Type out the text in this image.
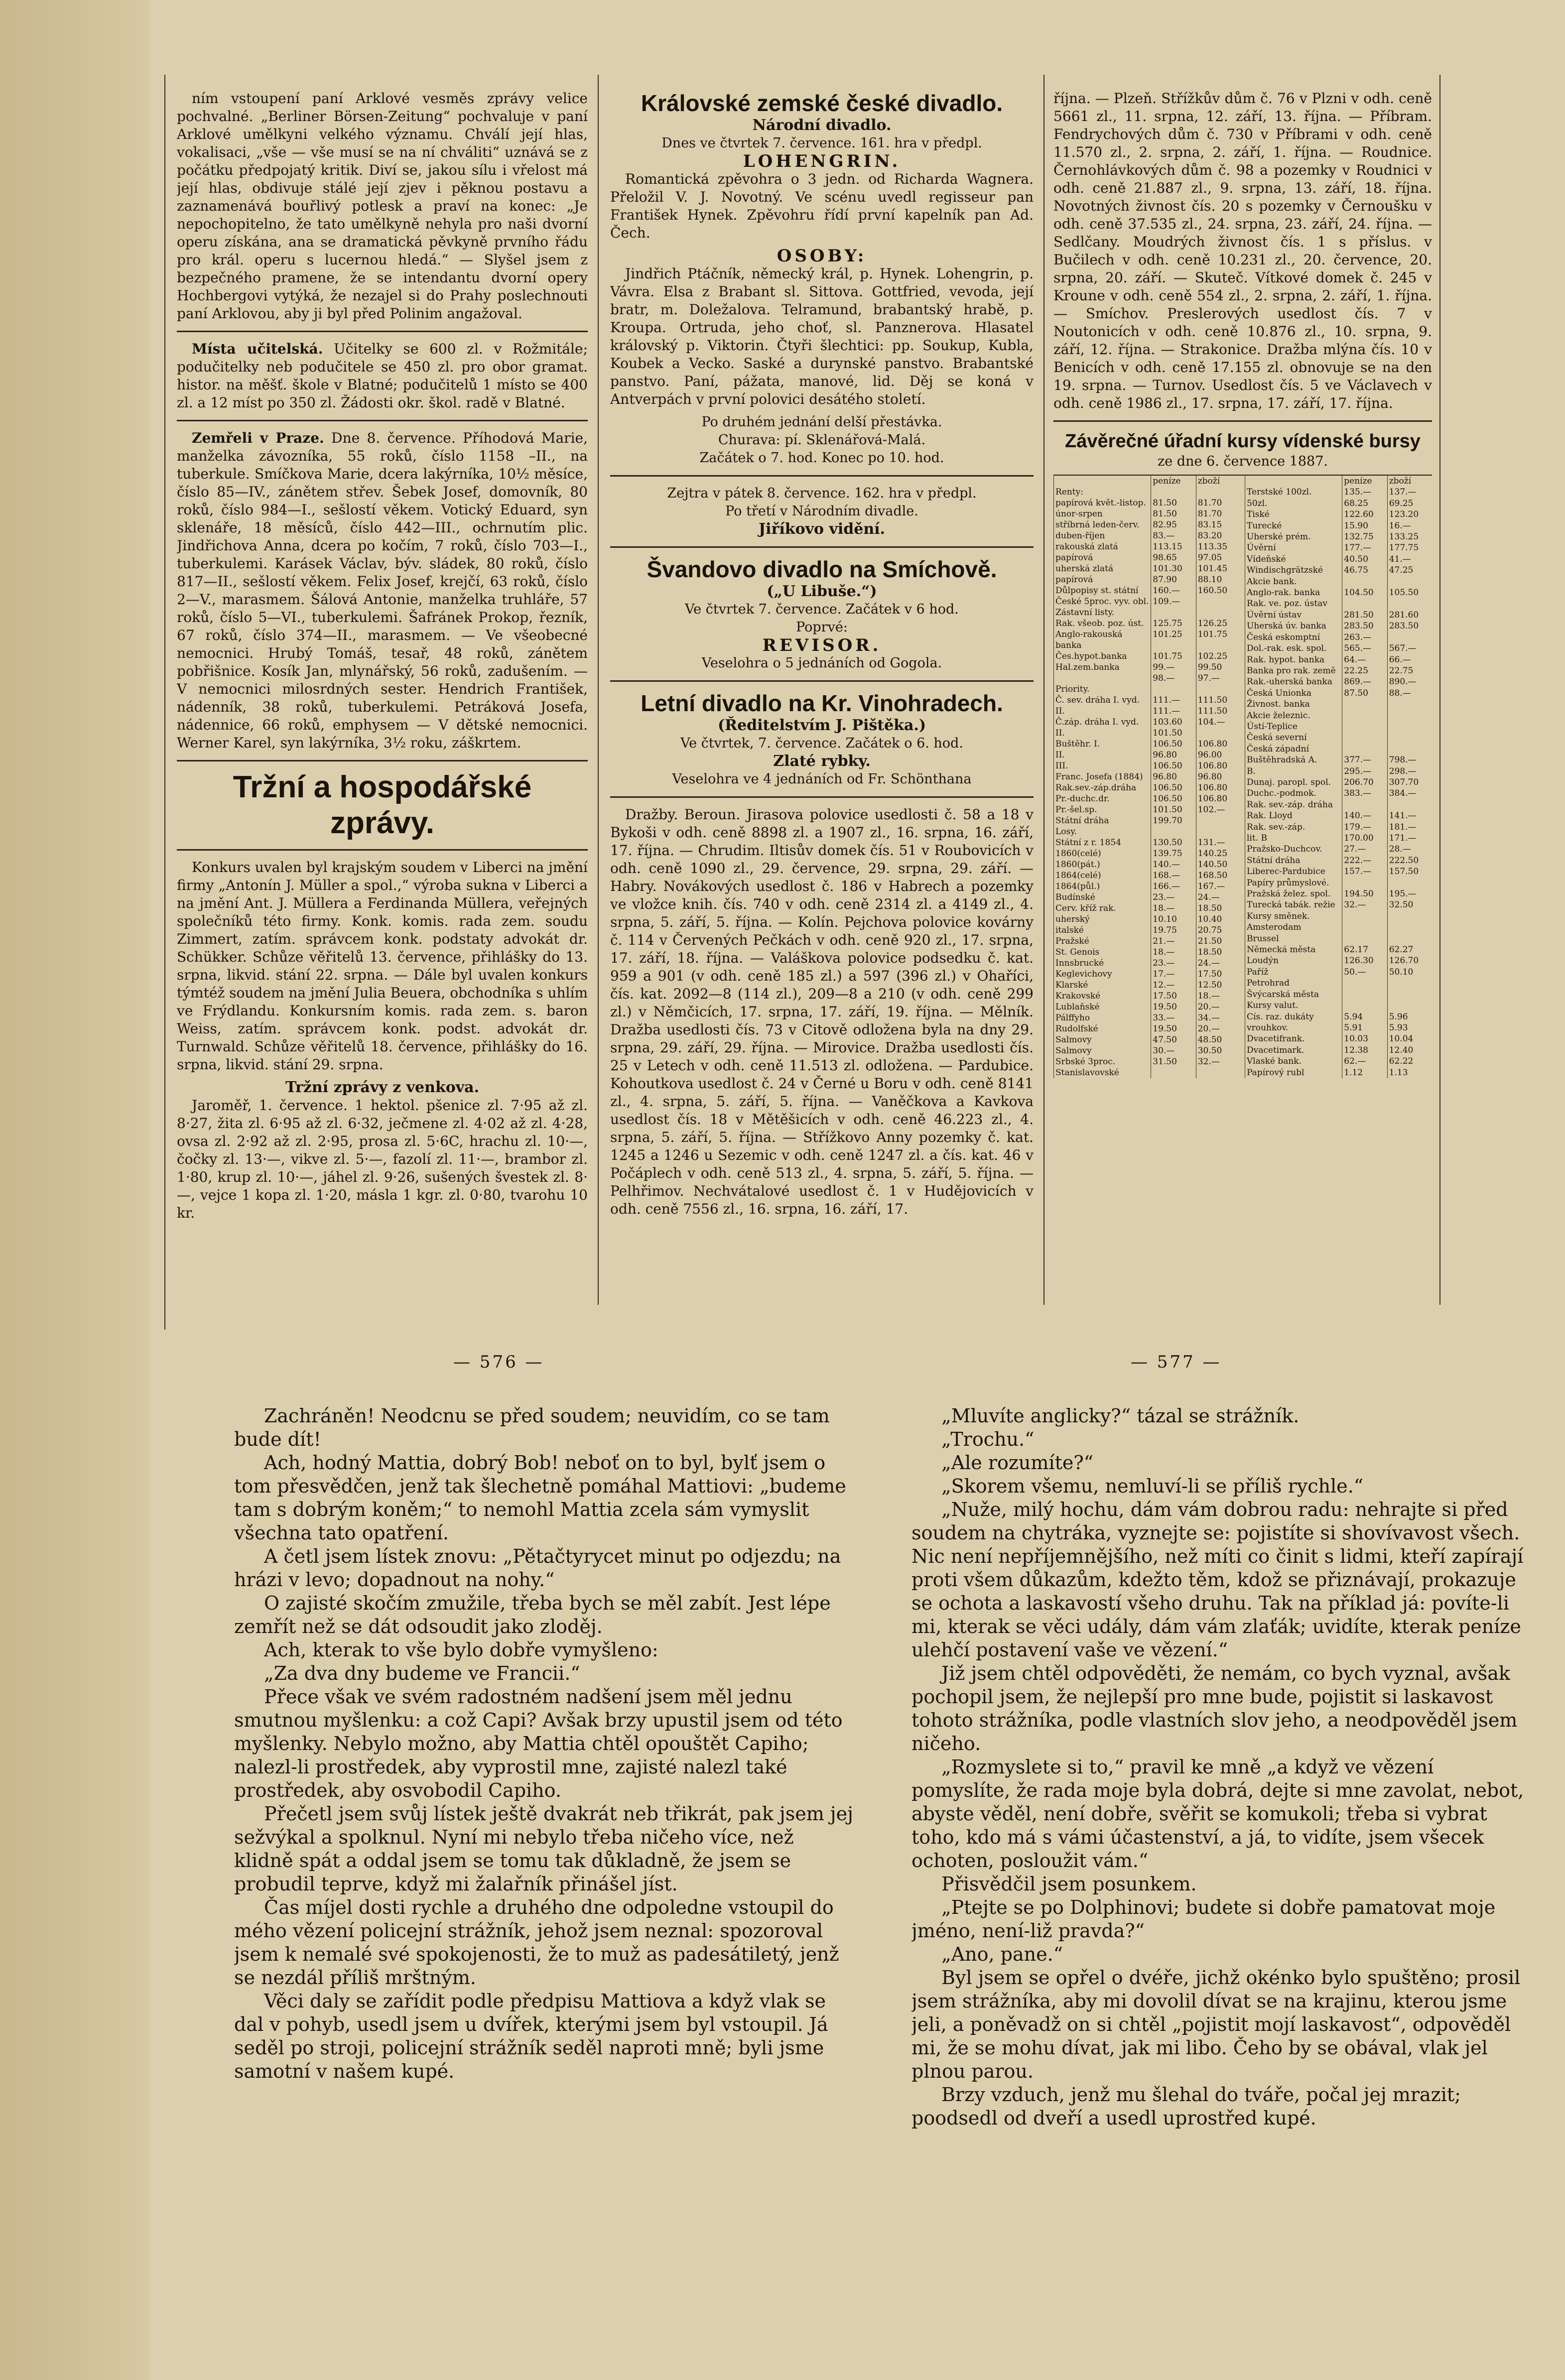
ním vstoupení paní Arklové vesměs zprávy velice pochvalné. „Berliner Börsen-Zeitung“ pochvaluje v paní Arklové umělkyni velkého významu. Chválí její hlas, vokalisaci, „vše — vše musí se na ní chváliti“ uznává se z počátku předpojatý kritik. Diví se, jakou sílu i vřelost má její hlas, obdivuje stálé její zjev i pěknou postavu a zaznamenává bouřlivý potlesk a praví na konec: „Je nepochopitelno, že tato umělkyně nehyla pro naši dvorní operu získána, ana se dramatická pěvkyně prvního řádu pro král. operu s lucernou hledá.“ — Slyšel jsem z bezpečného pramene, že se intendantu dvorní opery Hochbergovi vytýká, že nezajel si do Prahy poslechnouti paní Arklovou, aby ji byl před Polinim angažoval.

Místa učitelská. Učitelky se 600 zl. v Rožmitále; podučitelky neb podučitele se 450 zl. pro obor gramat. histor. na měšť. škole v Blatné; podučitelů 1 místo se 400 zl. a 12 míst po 350 zl. Žádosti okr. škol. radě v Blatné.

Zemřeli v Praze. Dne 8. července. Příhodová Marie, manželka závozníka, 55 roků, číslo 1158 –II., na tuberkule. Smíčkova Marie, dcera lakýrníka, 10½ měsíce, číslo 85—IV., zánětem střev. Šebek Josef, domovník, 80 roků, číslo 984—I., sešlostí věkem. Votický Eduard, syn sklenáře, 18 měsíců, číslo 442—III., ochrnutím plic. Jindřichova Anna, dcera po kočím, 7 roků, číslo 703—I., tuberkulemi. Karásek Václav, býv. sládek, 80 roků, číslo 817—II., sešlostí věkem. Felix Josef, krejčí, 63 roků, číslo 2—V., marasmem. Šálová Antonie, manželka truhláře, 57 roků, číslo 5—VI., tuberkulemi. Šafránek Prokop, řezník, 67 roků, číslo 374—II., marasmem. — Ve všeobecné nemocnici. Hrubý Tomáš, tesař, 48 roků, zánětem pobřišnice. Kosík Jan, mlynářský, 56 roků, zadušením. — V nemocnici milosrdných sester. Hendrich František, nádenník, 38 roků, tuberkulemi. Petráková Josefa, nádennice, 66 roků, emphysem — V dětské nemocnici. Werner Karel, syn lakýrníka, 3½ roku, záškrtem.

Tržní a hospodářské zprávy.

Konkurs uvalen byl krajským soudem v Liberci na jmění firmy „Antonín J. Müller a spol.,“ výroba sukna v Liberci a na jmění Ant. J. Müllera a Ferdinanda Müllera, veřejných společníků této firmy. Konk. komis. rada zem. soudu Zimmert, zatím. správcem konk. podstaty advokát dr. Schükker. Schůze věřitelů 13. července, přihlášky do 13. srpna, likvid. stání 22. srpna. — Dále byl uvalen konkurs týmtéž soudem na jmění Julia Beuera, obchodníka s uhlím ve Frýdlandu. Konkursním komis. rada zem. s. baron Weiss, zatím. správcem konk. podst. advokát dr. Turnwald. Schůze věřitelů 18. července, přihlášky do 16. srpna, likvid. stání 29. srpna.

Tržní zprávy z venkova.

Jaroměř, 1. července. 1 hektol. pšenice zl. 7·95 až zl. 8·27, žita zl. 6·95 až zl. 6·32, ječmene zl. 4·02 až zl. 4·28, ovsa zl. 2·92 až zl. 2·95, prosa zl. 5·6C, hrachu zl. 10·—, čočky zl. 13·—, vikve zl. 5·—, fazolí zl. 11·—, brambor zl. 1·80, krup zl. 10·—, jáhel zl. 9·26, sušených švestek zl. 8·—, vejce 1 kopa zl. 1·20, másla 1 kgr. zl. 0·80, tvarohu 10 kr.

Královské zemské české divadlo.
Národní divadlo.
Dnes ve čtvrtek 7. července. 161. hra v předpl.
LOHENGRIN.

Romantická zpěvohra o 3 jedn. od Richarda Wagnera. Přeložil V. J. Novotný. Ve scénu uvedl regisseur pan František Hynek. Zpěvohru řídí první kapelník pan Ad. Čech.

OSOBY:

Jindřich Ptáčník, německý král, p. Hynek. Lohengrin, p. Vávra. Elsa z Brabant sl. Sittova. Gottfried, vevoda, její bratr, m. Doležalova. Telramund, brabantský hrabě, p. Kroupa. Ortruda, jeho choť, sl. Panznerova. Hlasatel královský p. Viktorin. Čtyři šlechtici: pp. Soukup, Kubla, Koubek a Vecko. Saské a durynské panstvo. Brabantské panstvo. Paní, pážata, manové, lid. Děj se koná v Antverpách v první polovici desátého století.

Po druhém jednání delší přestávka.
Churava: pí. Sklenářová-Malá.
Začátek o 7. hod. Konec po 10. hod.
Zejtra v pátek 8. července. 162. hra v předpl.
Po třetí v Národním divadle.
Jiříkovo vidění.
Švandovo divadlo na Smíchově.
(„U Libuše.“)
Ve čtvrtek 7. července. Začátek v 6 hod.
Poprvé:
REVISOR.
Veselohra o 5 jednáních od Gogola.
Letní divadlo na Kr. Vinohradech.
(Ředitelstvím J. Pištěka.)
Ve čtvrtek, 7. července. Začátek o 6. hod.
Zlaté rybky.
Veselohra ve 4 jednáních od Fr. Schönthana

Dražby. Beroun. Jirasova polovice usedlosti č. 58 a 18 v Bykoši v odh. ceně 8898 zl. a 1907 zl., 16. srpna, 16. září, 17. října. — Chrudim. Iltisův domek čís. 51 v Roubovicích v odh. ceně 1090 zl., 29. července, 29. srpna, 29. září. — Habry. Novákových usedlost č. 186 v Habrech a pozemky ve vložce knih. čís. 740 v odh. ceně 2314 zl. a 4149 zl., 4. srpna, 5. září, 5. října. — Kolín. Pejchova polovice kovárny č. 114 v Červených Pečkách v odh. ceně 920 zl., 17. srpna, 17. září, 18. října. — Valáškova polovice podsedku č. kat. 959 a 901 (v odh. ceně 185 zl.) a 597 (396 zl.) v Ohaříci, čís. kat. 2092—8 (114 zl.), 209—8 a 210 (v odh. ceně 299 zl.) v Němčicích, 17. srpna, 17. září, 19. října. — Mělník. Dražba usedlosti čís. 73 v Citově odložena byla na dny 29. srpna, 29. září, 29. října. — Mirovice. Dražba usedlosti čís. 25 v Letech v odh. ceně 11.513 zl. odložena. — Pardubice. Kohoutkova usedlost č. 24 v Černé u Boru v odh. ceně 8141 zl., 4. srpna, 5. září, 5. října. — Vaněčkova a Kavkova usedlost čís. 18 v Mětěšicích v odh. ceně 46.223 zl., 4. srpna, 5. září, 5. října. — Střížkovo Anny pozemky č. kat. 1245 a 1246 u Sezemic v odh. ceně 1247 zl. a čís. kat. 46 v Počáplech v odh. ceně 513 zl., 4. srpna, 5. září, 5. října. — Pelhřimov. Nechvátalové usedlost č. 1 v Hudějovicích v odh. ceně 7556 zl., 16. srpna, 16. září, 17.

října. — Plzeň. Střížkův dům č. 76 v Plzni v odh. ceně 5661 zl., 11. srpna, 12. září, 13. října. — Příbram. Fendrychových dům č. 730 v Příbrami v odh. ceně 11.570 zl., 2. srpna, 2. září, 1. října. — Roudnice. Černohlávkových dům č. 98 a pozemky v Roudnici v odh. ceně 21.887 zl., 9. srpna, 13. září, 18. října. Novotných živnost čís. 20 s pozemky v Černoušku v odh. ceně 37.535 zl., 24. srpna, 23. září, 24. října. — Sedlčany. Moudrých živnost čís. 1 s příslus. v Bučilech v odh. ceně 10.231 zl., 20. července, 20. srpna, 20. září. — Skuteč. Vítkové domek č. 245 v Kroune v odh. ceně 554 zl., 2. srpna, 2. září, 1. října. — Smíchov. Preslerových usedlost čís. 7 v Noutonicích v odh. ceně 10.876 zl., 10. srpna, 9. září, 12. října. — Strakonice. Dražba mlýna čís. 10 v Benicích v odh. ceně 17.155 zl. obnovuje se na den 19. srpna. — Turnov. Usedlost čís. 5 ve Václavech v odh. ceně 1986 zl., 17. srpna, 17. září, 17. října.

Závěrečné úřadní kursy vídenské bursy
ze dne 6. července 1887.
	peníze	zboží
Renty:		
papírová květ.-listop.	81.50	81.70
únor-srpen	81.50	81.70
stříbrná leden-červ.	82.95	83.15
duben-říjen	83.—	83.20
rakouská zlatá	113.15	113.35
papírová	98.65	97.05
uherská zlatá	101.30	101.45
papírová	87.90	88.10
Důlpopisy st. státní	160.—	160.50
České 5proc. vyv. obl.	109.—	
Zástavní listy.		
Rak. všeob. poz. úst.	125.75	126.25
Anglo-rakouská banka	101.25	101.75
Čes.hypot.banka	101.75	102.25
Hal.zem.banka	99.—	99.50
	98.—	97.—
Priority.		
Č. sev. dráha I. vyd.	111.—	111.50
II.	111.—	111.50
Č.záp. dráha I. vyd.	103.60	104.—
II.	101.50	
Buštěhr. I.	106.50	106.80
II.	96.80	96.00
III.	106.50	106.80
Franc. Josefa (1884)	96.80	96.80
Rak.sev.-záp.dráha	106.50	106.80
Pr.-duchc.dr.	106.50	106.80
Pr.-šel.sp.	101.50	102.—
Státní dráha	199.70	
Losy.		
Státní z r. 1854	130.50	131.—
1860(celé)	139.75	140.25
1860(pát.)	140.—	140.50
1864(celé)	168.—	168.50
1864(půl.)	166.—	167.—
Budínské	23.—	24.—
Cerv. kříž rak.	18.—	18.50
uherský	10.10	10.40
italské	19.75	20.75
Pražské	21.—	21.50
St. Genois	18.—	18.50
Innsbrucké	23.—	24.—
Keglevichovy	17.—	17.50
Klarské	12.—	12.50
Krakovské	17.50	18.—
Lublaňské	19.50	20.—
Pálffyho	33.—	34.—
Rudolfské	19.50	20.—
Salmovy	47.50	48.50
Salmovy	30.—	30.50
Srbské 3proc.	31.50	32.—
Stanislavovské		
	peníze	zboží
Terstské 100zl.	135.—	137.—
50zl.	68.25	69.25
Tiské	122.60	123.20
Turecké	15.90	16.—
Uherské prém.	132.75	133.25
Úvěrní	177.—	177.75
Vídeňské	40.50	41.—
Windischgrätzské	46.75	47.25
Akcie bank.		
Anglo-rak. banka	104.50	105.50
Rak. ve. poz. ústav		
Úvěrní ústav	281.50	281.60
Uherská úv. banka	283.50	283.50
Česká eskomptní	263.—	
Dol.-rak. esk. spol.	565.—	567.—
Rak. hypot. banka	64.—	66.—
Banka pro rak. země	22.25	22.75
Rak.-uherská banka	869.—	890.—
Česká Unionka	87.50	88.—
Živnost. banka		
Akcie železnic.		
Ústí-Teplice		
Česká severní		
Česká západní		
Buštěhradská A.	377.—	798.—
B.	295.—	298.—
Dunaj. paropl. spol.	206.70	307.70
Duchc.-podmok.	383.—	384.—
Rak. sev.-záp. dráha		
Rak. Lloyd	140.—	141.—
Rak. sev.-záp.	179.—	181.—
lit. B	170.00	171.—
Pražsko-Duchcov.	27.—	28.—
Státní dráha	222.—	222.50
Liberec-Pardubice	157.—	157.50
Papíry průmyslové.		
Pražská želez. spol.	194.50	195.—
Turecká tabák. režie	32.—	32.50
Kursy směnek.		
Amsterodam		
Brussel		
Německá města	62.17	62.27
Loudýn	126.30	126.70
Paříž	50.—	50.10
Petrohrad		
Švýcarská města		
Kursy valut.		
Cís. raz. dukáty	5.94	5.96
vrouhkov.	5.91	5.93
Dvacetifrank.	10.03	10.04
Dvacetimark.	12.38	12.40
Vlaské bank.	62.—	62.22
Papírový rubl	1.12	1.13
— 576 —	— 577 —

Zachráněn! Neodcnu se před soudem; neuvidím, co se tam bude dít!

Ach, hodný Mattia, dobrý Bob! neboť on to byl, bylť jsem o tom přesvědčen, jenž tak šlechetně pomáhal Mattiovi: „budeme tam s dobrým koněm;“ to nemohl Mattia zcela sám vymyslit všechna tato opatření.

A četl jsem lístek znovu: „Pětačtyrycet minut po odjezdu; na hrázi v levo; dopadnout na nohy.“

O zajisté skočím zmužile, třeba bych se měl zabít. Jest lépe zemřít než se dát odsoudit jako zloděj.

Ach, kterak to vše bylo dobře vymyšleno:

„Za dva dny budeme ve Francii.“

Přece však ve svém radostném nadšení jsem měl jednu smutnou myšlenku: a což Capi? Avšak brzy upustil jsem od této myšlenky. Nebylo možno, aby Mattia chtěl opouštět Capiho; nalezl-li prostředek, aby vyprostil mne, zajisté nalezl také prostředek, aby osvobodil Capiho.

Přečetl jsem svůj lístek ještě dvakrát neb třikrát, pak jsem jej sežvýkal a spolknul. Nyní mi nebylo třeba ničeho více, než klidně spát a oddal jsem se tomu tak důkladně, že jsem se probudil teprve, když mi žalařník přinášel jíst.

Čas míjel dosti rychle a druhého dne odpoledne vstoupil do mého vězení policejní strážník, jehož jsem neznal: spozoroval jsem k nemalé své spokojenosti, že to muž as padesátiletý, jenž se nezdál příliš mrštným.

Věci daly se zařídit podle předpisu Mattiova a když vlak se dal v pohyb, usedl jsem u dvířek, kterými jsem byl vstoupil. Já seděl po stroji, policejní strážník seděl naproti mně; byli jsme samotní v našem kupé.

„Mluvíte anglicky?“ tázal se strážník.

„Trochu.“

„Ale rozumíte?“

„Skorem všemu, nemluví-li se příliš rychle.“

„Nuže, milý hochu, dám vám dobrou radu: nehrajte si před soudem na chytráka, vyznejte se: pojistíte si shovívavost všech. Nic není nepříjemnějšího, než míti co činit s lidmi, kteří zapírají proti všem důkazům, kdežto těm, kdož se přiznávají, prokazuje se ochota a laskavostí všeho druhu. Tak na příklad já: povíte-li mi, kterak se věci udály, dám vám zlaťák; uvidíte, kterak peníze ulehčí postavení vaše ve vězení.“

Již jsem chtěl odpověděti, že nemám, co bych vyznal, avšak pochopil jsem, že nejlepší pro mne bude, pojistit si laskavost tohoto strážníka, podle vlastních slov jeho, a neodpověděl jsem ničeho.

„Rozmyslete si to,“ pravil ke mně „a když ve vězení pomyslíte, že rada moje byla dobrá, dejte si mne zavolat, nebot, abyste věděl, není dobře, svěřit se komukoli; třeba si vybrat toho, kdo má s vámi účastenství, a já, to vidíte, jsem všecek ochoten, posloužit vám.“

Přisvědčil jsem posunkem.

„Ptejte se po Dolphinovi; budete si dobře pamatovat moje jméno, není-liž pravda?“

„Ano, pane.“

Byl jsem se opřel o dvéře, jichž okénko bylo spuštěno; prosil jsem strážníka, aby mi dovolil dívat se na krajinu, kterou jsme jeli, a poněvadž on si chtěl „pojistit mojí laskavost“, odpověděl mi, že se mohu dívat, jak mi libo. Čeho by se obával, vlak jel plnou parou.

Brzy vzduch, jenž mu šlehal do tváře, počal jej mrazit; poodsedl od dveří a usedl uprostřed kupé.
